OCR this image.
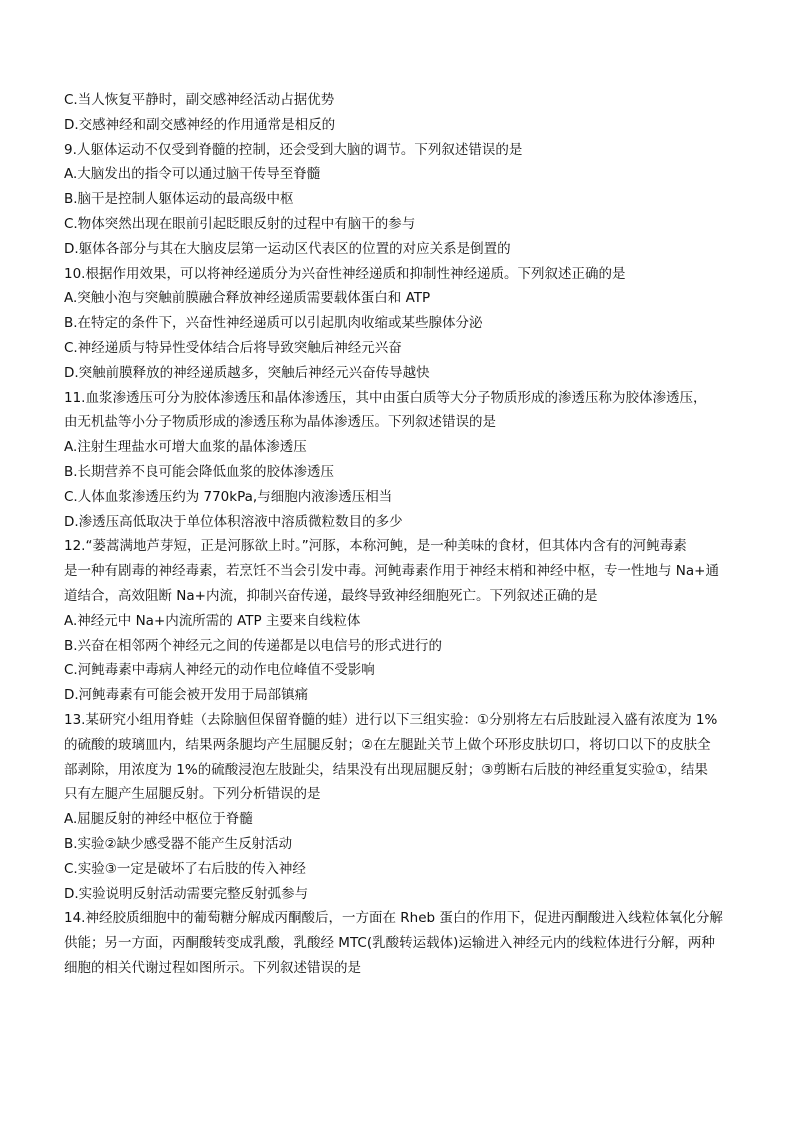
C.当人恢复平静时，副交感神经活动占据优势
D.交感神经和副交感神经的作用通常是相反的
9.人躯体运动不仅受到脊髓的控制，还会受到大脑的调节。下列叙述错误的是
A.大脑发出的指令可以通过脑干传导至脊髓
B.脑干是控制人躯体运动的最高级中枢
C.物体突然出现在眼前引起眨眼反射的过程中有脑干的参与
D.躯体各部分与其在大脑皮层第一运动区代表区的位置的对应关系是倒置的
10.根据作用效果，可以将神经递质分为兴奋性神经递质和抑制性神经递质。下列叙述正确的是
A.突触小泡与突触前膜融合释放神经递质需要载体蛋白和 ATP
B.在特定的条件下，兴奋性神经递质可以引起肌肉收缩或某些腺体分泌
C.神经递质与特异性受体结合后将导致突触后神经元兴奋
D.突触前膜释放的神经递质越多，突触后神经元兴奋传导越快
11.血浆渗透压可分为胶体渗透压和晶体渗透压，其中由蛋白质等大分子物质形成的渗透压称为胶体渗透压，
由无机盐等小分子物质形成的渗透压称为晶体渗透压。下列叙述错误的是
A.注射生理盐水可增大血浆的晶体渗透压
B.长期营养不良可能会降低血浆的胶体渗透压
C.人体血浆渗透压约为 770kPa,与细胞内液渗透压相当
D.渗透压高低取决于单位体积溶液中溶质微粒数目的多少
12.“蒌蒿满地芦芽短，正是河豚欲上时。”河豚，本称河鲀，是一种美味的食材，但其体内含有的河鲀毒素
是一种有剧毒的神经毒素，若烹饪不当会引发中毒。河鲀毒素作用于神经末梢和神经中枢，专一性地与 Na+通
道结合，高效阻断 Na+内流，抑制兴奋传递，最终导致神经细胞死亡。下列叙述正确的是
A.神经元中 Na+内流所需的 ATP 主要来自线粒体
B.兴奋在相邻两个神经元之间的传递都是以电信号的形式进行的
C.河鲀毒素中毒病人神经元的动作电位峰值不受影响
D.河鲀毒素有可能会被开发用于局部镇痛
13.某研究小组用脊蛙（去除脑但保留脊髓的蛙）进行以下三组实验：①分别将左右后肢趾浸入盛有浓度为 1%
的硫酸的玻璃皿内，结果两条腿均产生屈腿反射；②在左腿趾关节上做个环形皮肤切口，将切口以下的皮肤全
部剥除，用浓度为 1%的硫酸浸泡左肢趾尖，结果没有出现屈腿反射；③剪断右后肢的神经重复实验①，结果
只有左腿产生屈腿反射。下列分析错误的是
A.屈腿反射的神经中枢位于脊髓
B.实验②缺少感受器不能产生反射活动
C.实验③一定是破坏了右后肢的传入神经
D.实验说明反射活动需要完整反射弧参与
14.神经胶质细胞中的葡萄糖分解成丙酮酸后，一方面在 Rheb 蛋白的作用下，促进丙酮酸进入线粒体氧化分解
供能；另一方面，丙酮酸转变成乳酸，乳酸经 MTC(乳酸转运载体)运输进入神经元内的线粒体进行分解，两种
细胞的相关代谢过程如图所示。下列叙述错误的是
